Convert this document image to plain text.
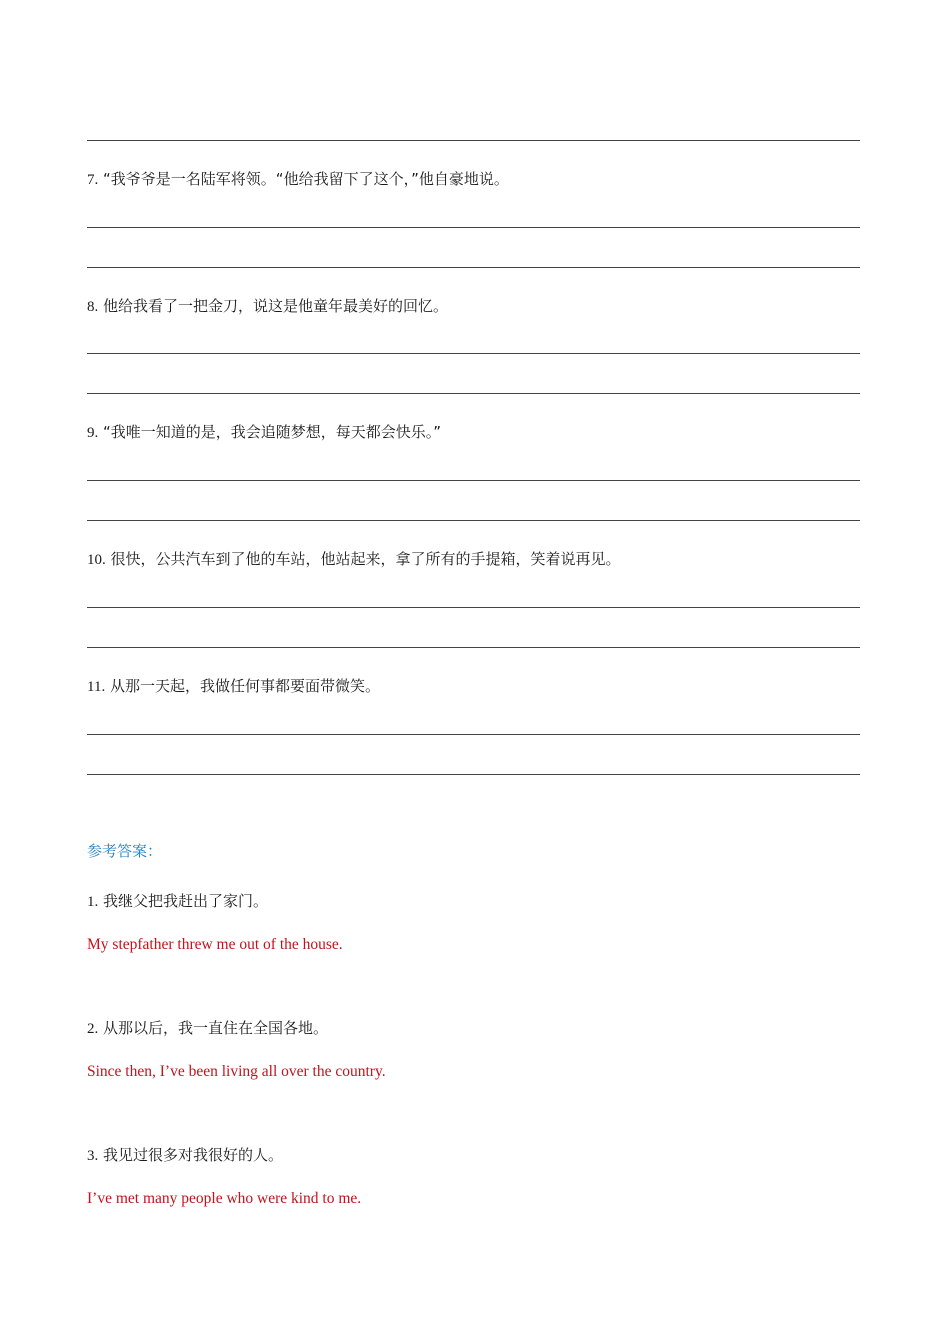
7. “我爷爷是一名陆军将领。“他给我留下了这个，”他自豪地说。
8. 他给我看了一把金刀，说这是他童年最美好的回忆。
9. “我唯一知道的是，我会追随梦想，每天都会快乐。”
10. 很快，公共汽车到了他的车站，他站起来，拿了所有的手提箱，笑着说再见。
11. 从那一天起，我做任何事都要面带微笑。
参考答案：
1. 我继父把我赶出了家门。
My stepfather threw me out of the house.
2. 从那以后，我一直住在全国各地。
Since then, I’ve been living all over the country.
3. 我见过很多对我很好的人。
I’ve met many people who were kind to me.
